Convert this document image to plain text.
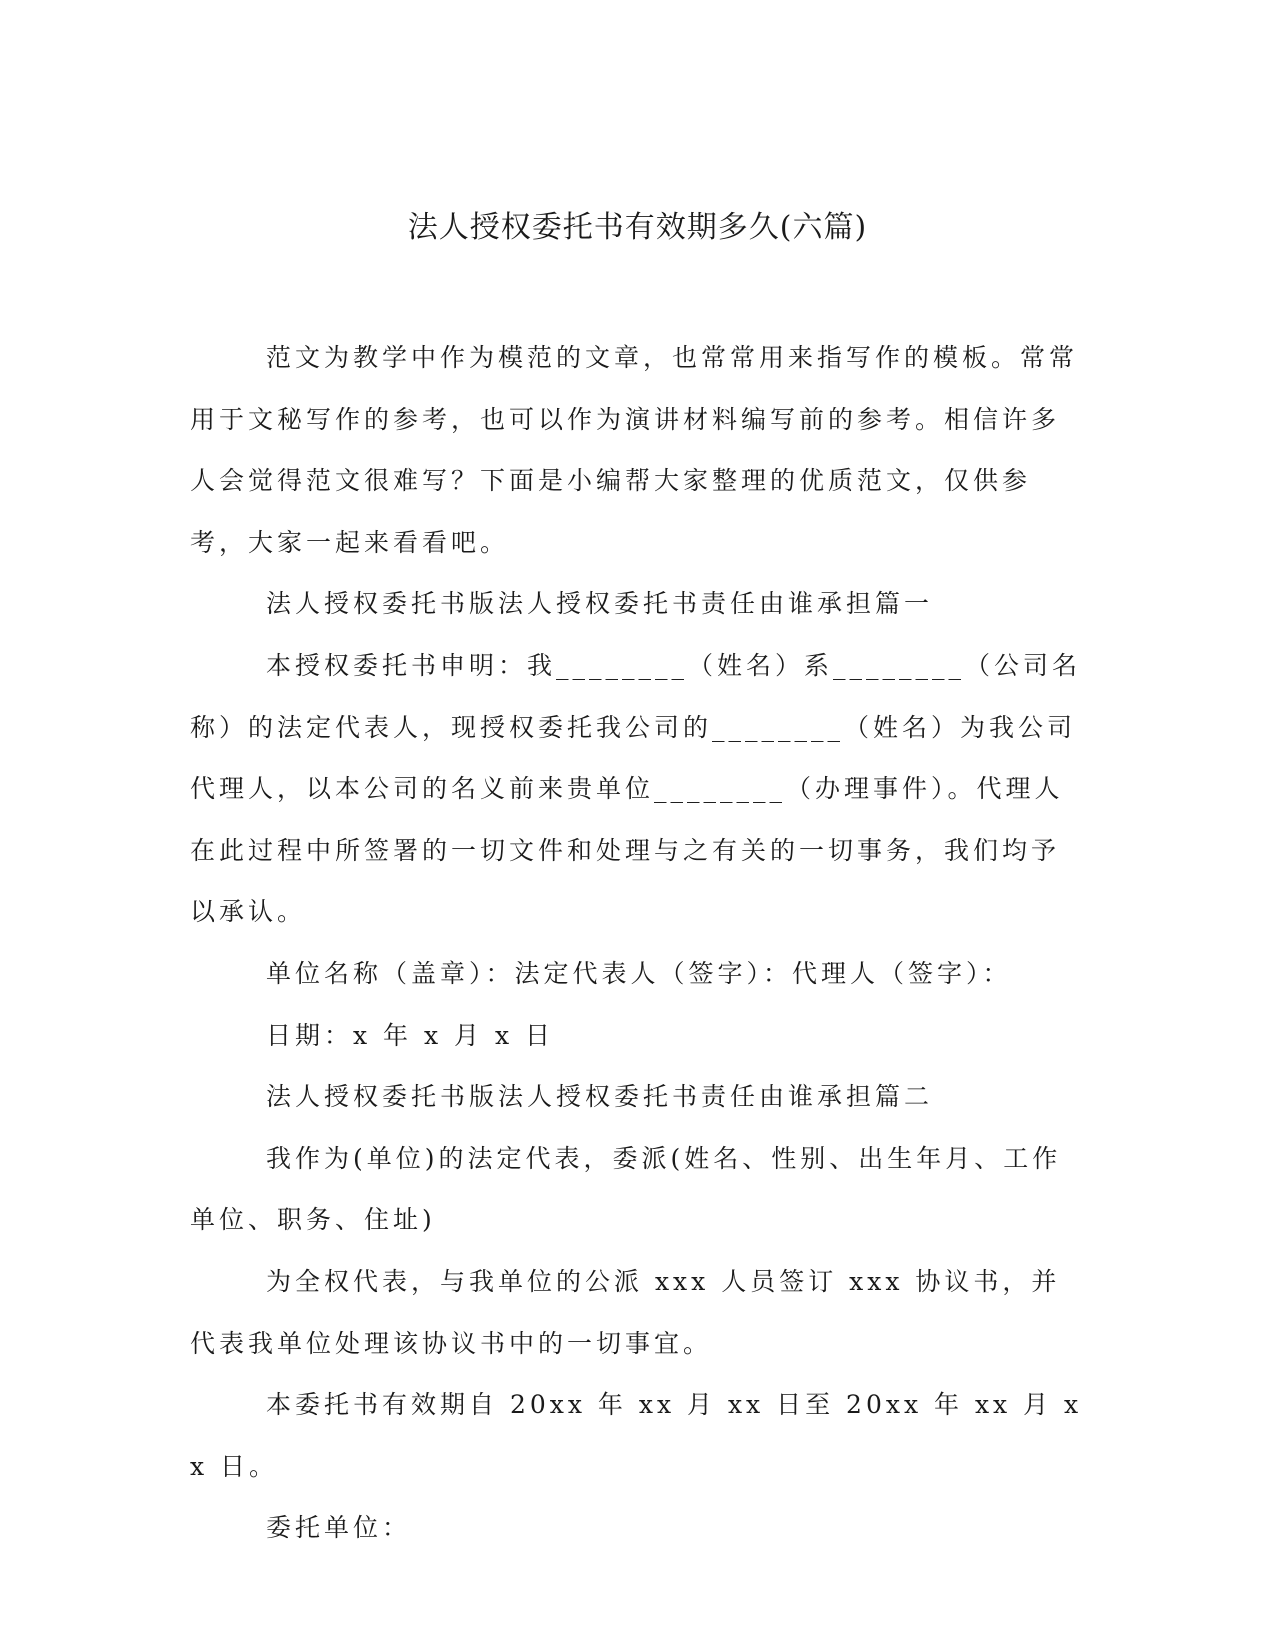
法人授权委托书有效期多久(六篇)

范文为教学中作为模范的文章，也常常用来指写作的模板。常常用于文秘写作的参考，也可以作为演讲材料编写前的参考。相信许多人会觉得范文很难写？下面是小编帮大家整理的优质范文，仅供参考，大家一起来看看吧。

法人授权委托书版法人授权委托书责任由谁承担篇一

本授权委托书申明：我________（姓名）系________（公司名称）的法定代表人，现授权委托我公司的________（姓名）为我公司代理人，以本公司的名义前来贵单位________（办理事件）。代理人在此过程中所签署的一切文件和处理与之有关的一切事务，我们均予以承认。

单位名称（盖章）：法定代表人（签字）：代理人（签字）：

日期：x 年 x 月 x 日

法人授权委托书版法人授权委托书责任由谁承担篇二

我作为(单位)的法定代表，委派(姓名、性别、出生年月、工作单位、职务、住址)

为全权代表，与我单位的公派 xxx 人员签订 xxx 协议书，并代表我单位处理该协议书中的一切事宜。

本委托书有效期自 20xx 年 xx 月 xx 日至 20xx 年 xx 月 xx 日。

委托单位：
